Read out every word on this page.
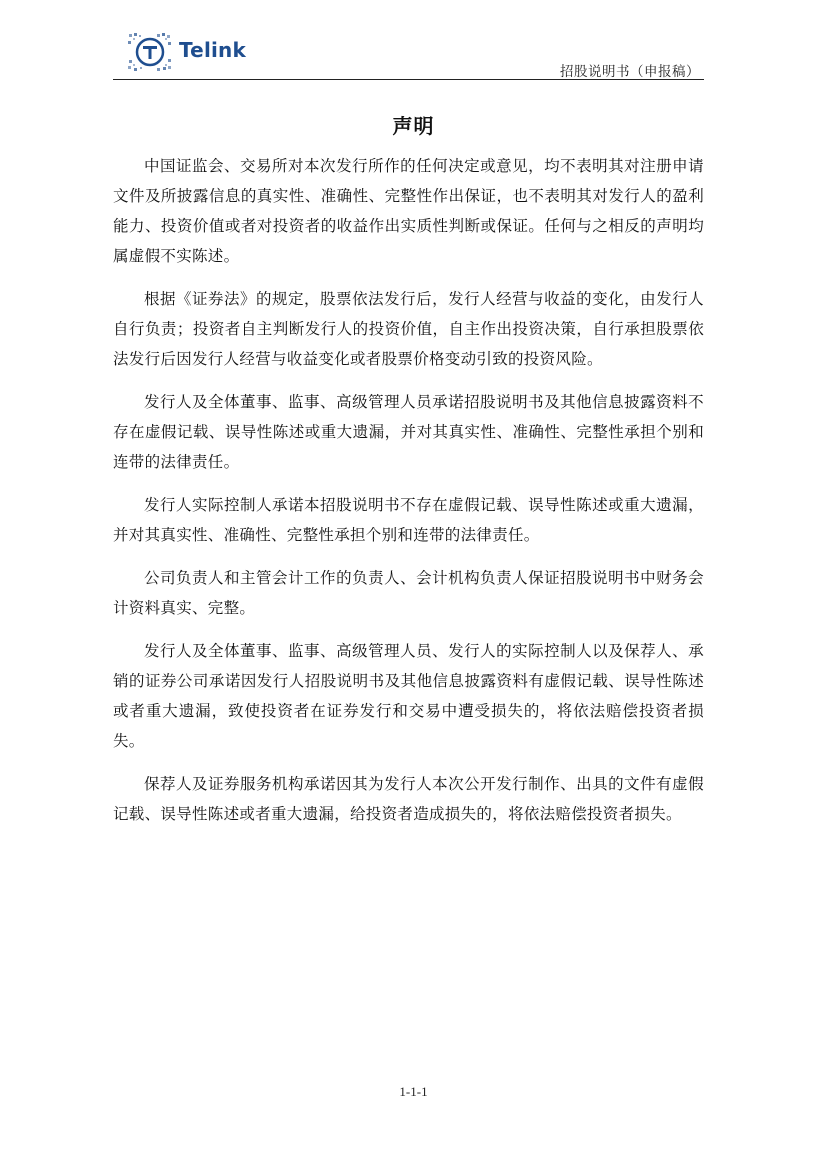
Telink
招股说明书（申报稿）
声明

中国证监会、交易所对本次发行所作的任何决定或意见，均不表明其对注册申请文件及所披露信息的真实性、准确性、完整性作出保证，也不表明其对发行人的盈利能力、投资价值或者对投资者的收益作出实质性判断或保证。任何与之相反的声明均属虚假不实陈述。

根据《证券法》的规定，股票依法发行后，发行人经营与收益的变化，由发行人自行负责；投资者自主判断发行人的投资价值，自主作出投资决策，自行承担股票依法发行后因发行人经营与收益变化或者股票价格变动引致的投资风险。

发行人及全体董事、监事、高级管理人员承诺招股说明书及其他信息披露资料不存在虚假记载、误导性陈述或重大遗漏，并对其真实性、准确性、完整性承担个别和连带的法律责任。

发行人实际控制人承诺本招股说明书不存在虚假记载、误导性陈述或重大遗漏，并对其真实性、准确性、完整性承担个别和连带的法律责任。

公司负责人和主管会计工作的负责人、会计机构负责人保证招股说明书中财务会计资料真实、完整。

发行人及全体董事、监事、高级管理人员、发行人的实际控制人以及保荐人、承销的证券公司承诺因发行人招股说明书及其他信息披露资料有虚假记载、误导性陈述或者重大遗漏，致使投资者在证券发行和交易中遭受损失的，将依法赔偿投资者损失。

保荐人及证券服务机构承诺因其为发行人本次公开发行制作、出具的文件有虚假记载、误导性陈述或者重大遗漏，给投资者造成损失的，将依法赔偿投资者损失。

1-1-1
